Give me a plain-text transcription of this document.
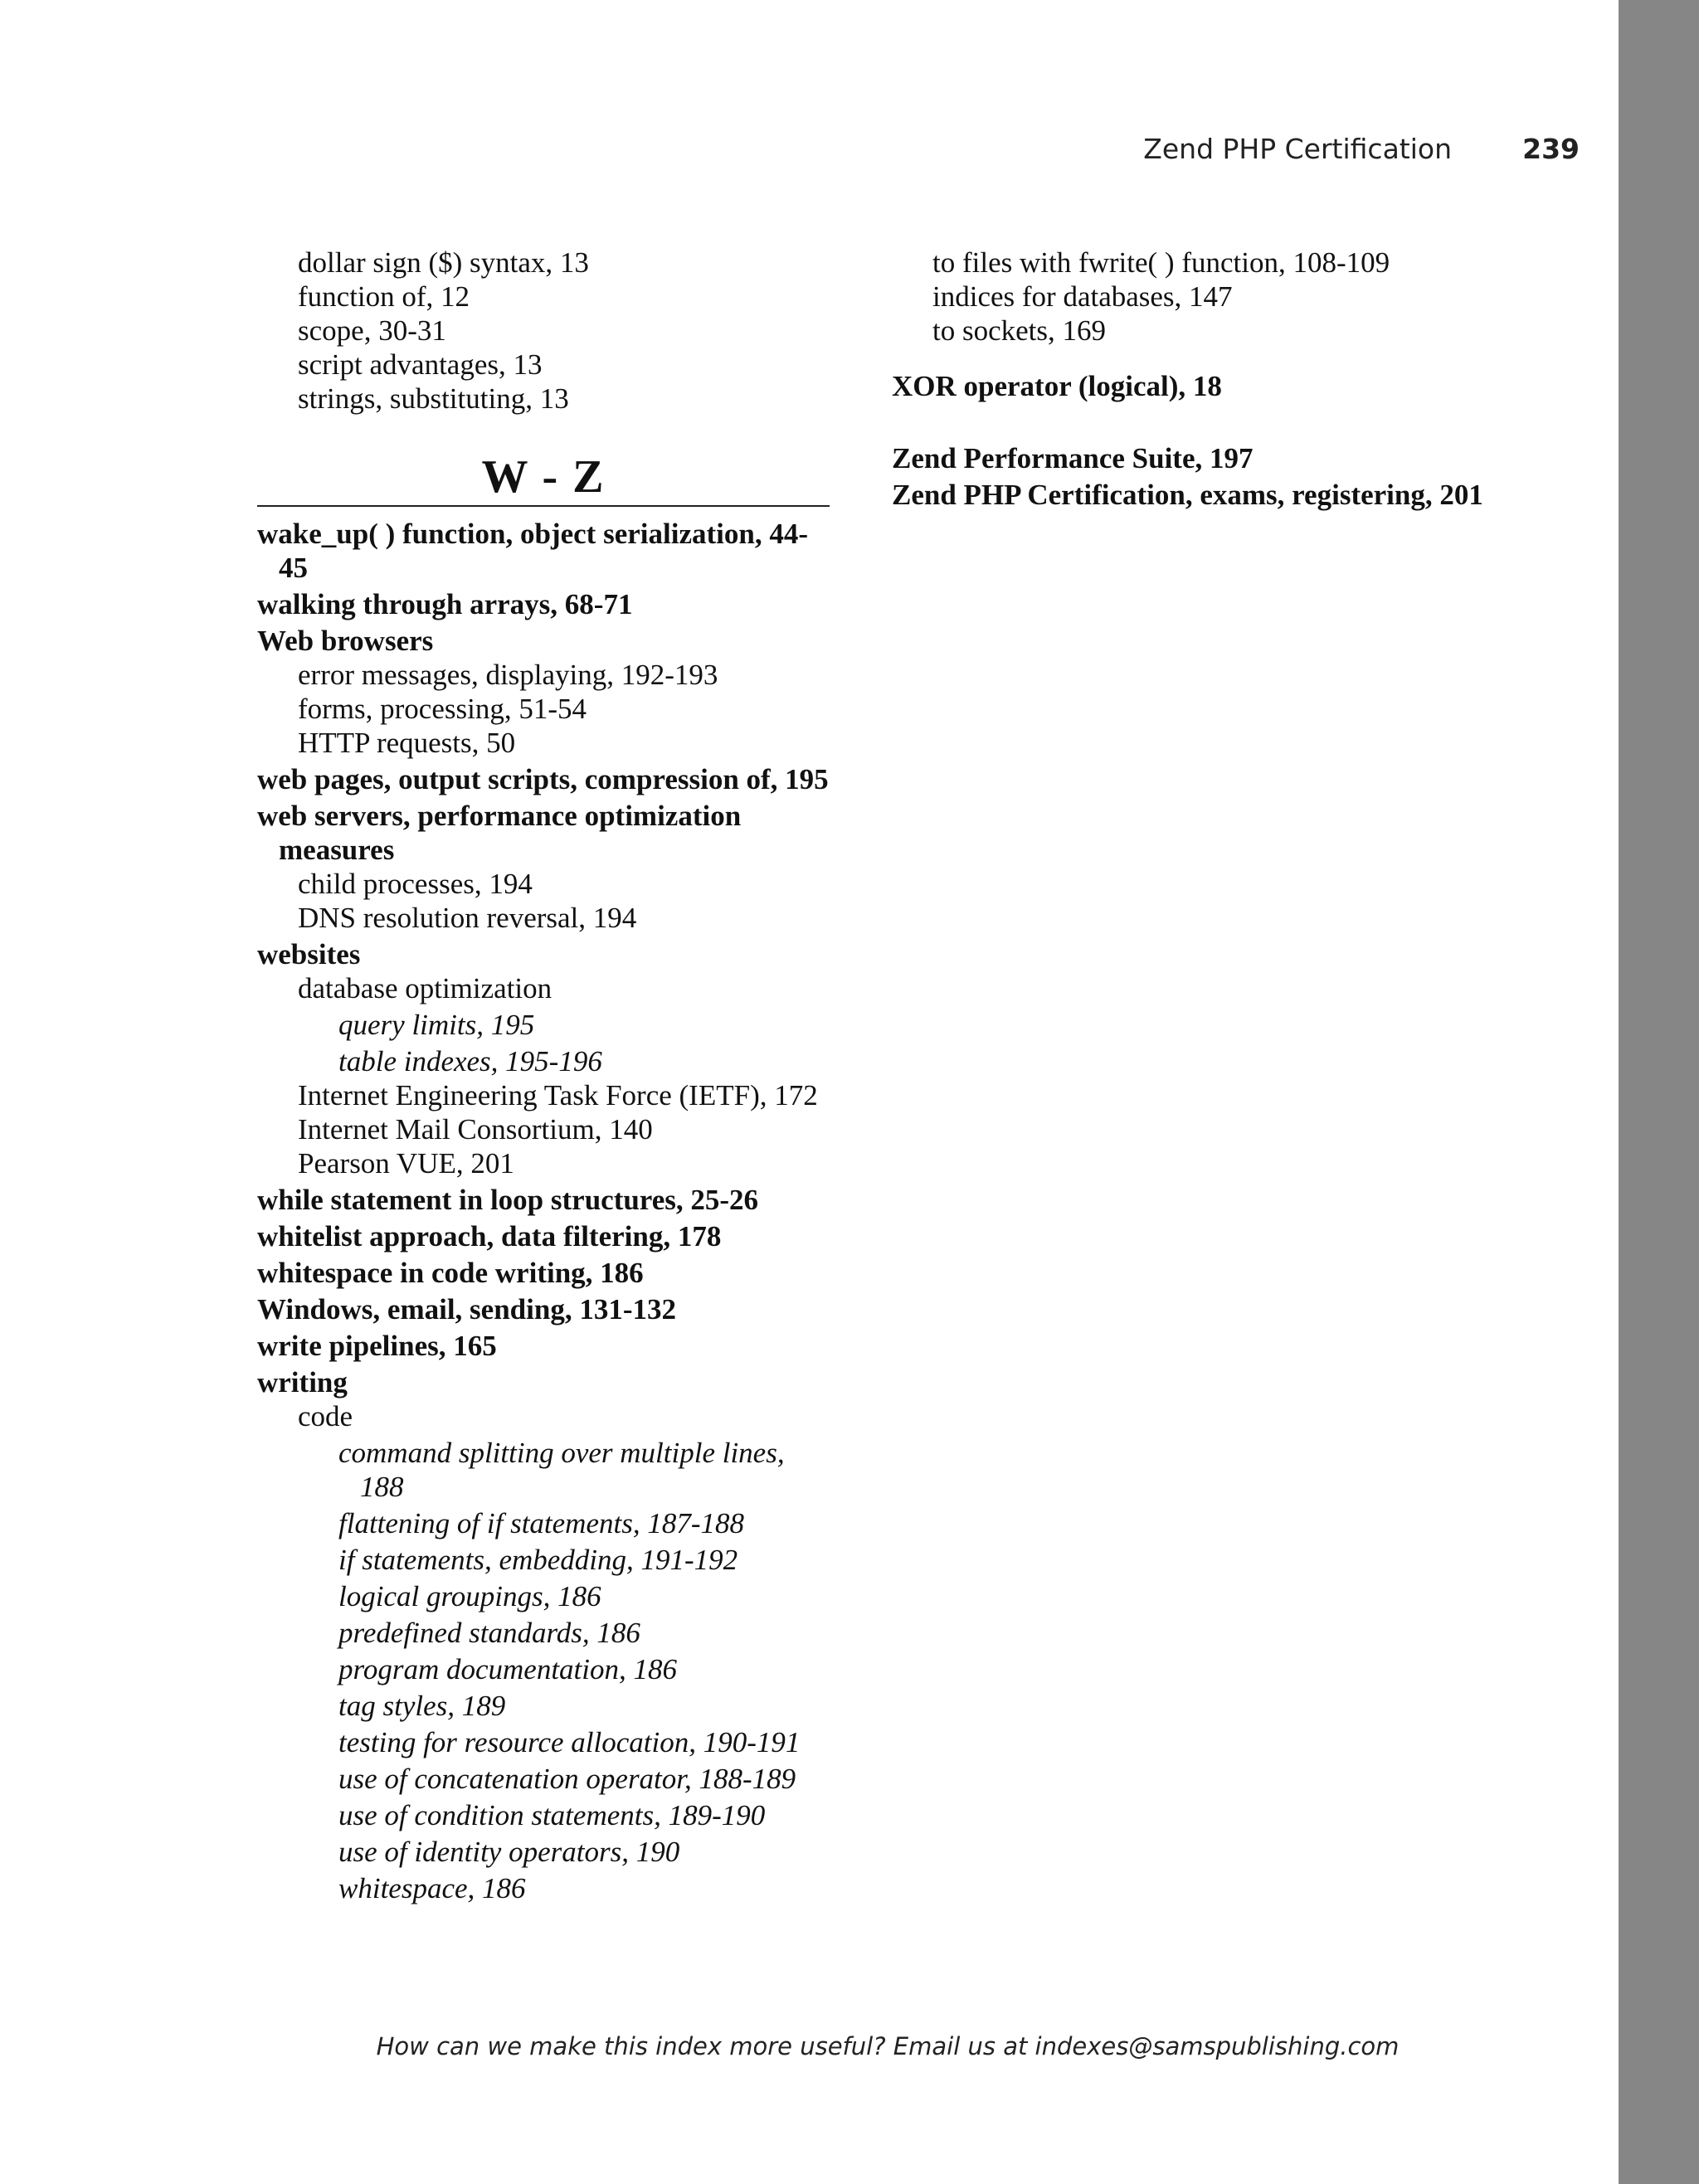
Zend PHP Certification	239
dollar sign ($) syntax, 13
function of, 12
scope, 30-31
script advantages, 13
strings, substituting, 13
W - Z
wake_up( ) function, object serialization, 44-45
walking through arrays, 68-71
Web browsers
error messages, displaying, 192-193
forms, processing, 51-54
HTTP requests, 50
web pages, output scripts, compression of, 195
web servers, performance optimization measures
child processes, 194
DNS resolution reversal, 194
websites
database optimization
query limits, 195
table indexes, 195-196
Internet Engineering Task Force (IETF), 172
Internet Mail Consortium, 140
Pearson VUE, 201
while statement in loop structures, 25-26
whitelist approach, data filtering, 178
whitespace in code writing, 186
Windows, email, sending, 131-132
write pipelines, 165
writing
code
command splitting over multiple lines, 188
flattening of if statements, 187-188
if statements, embedding, 191-192
logical groupings, 186
predefined standards, 186
program documentation, 186
tag styles, 189
testing for resource allocation, 190-191
use of concatenation operator, 188-189
use of condition statements, 189-190
use of identity operators, 190
whitespace, 186
to files with fwrite( ) function, 108-109
indices for databases, 147
to sockets, 169
XOR operator (logical), 18
Zend Performance Suite, 197
Zend PHP Certification, exams, registering, 201
How can we make this index more useful? Email us at indexes@samspublishing.com
